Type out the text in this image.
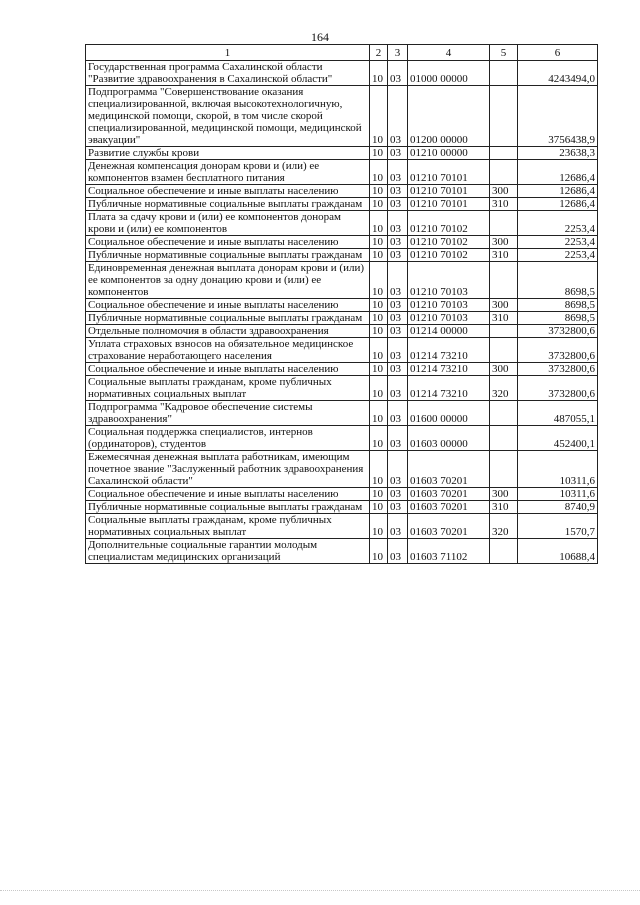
164
1	2	3	4	5	6
Государственная программа Сахалинской области "Развитие здравоохранения в Сахалинской области"	10	03	01000 00000		4243494,0
Подпрограмма "Совершенствование оказания специализированной, включая высокотехнологичную, медицинской помощи, скорой, в том числе скорой специализированной, медицинской помощи, медицинской эвакуации"	10	03	01200 00000		3756438,9
Развитие службы крови	10	03	01210 00000		23638,3
Денежная компенсация донорам крови и (или) ее компонентов взамен бесплатного питания	10	03	01210 70101		12686,4
Социальное обеспечение и иные выплаты населению	10	03	01210 70101	300	12686,4
Публичные нормативные социальные выплаты гражданам	10	03	01210 70101	310	12686,4
Плата за сдачу крови и (или) ее компонентов донорам крови и (или) ее компонентов	10	03	01210 70102		2253,4
Социальное обеспечение и иные выплаты населению	10	03	01210 70102	300	2253,4
Публичные нормативные социальные выплаты гражданам	10	03	01210 70102	310	2253,4
Единовременная денежная выплата донорам крови и (или) ее компонентов за одну донацию крови и (или) ее компонентов	10	03	01210 70103		8698,5
Социальное обеспечение и иные выплаты населению	10	03	01210 70103	300	8698,5
Публичные нормативные социальные выплаты гражданам	10	03	01210 70103	310	8698,5
Отдельные полномочия в области здравоохранения	10	03	01214 00000		3732800,6
Уплата страховых взносов на обязательное медицинское страхование неработающего населения	10	03	01214 73210		3732800,6
Социальное обеспечение и иные выплаты населению	10	03	01214 73210	300	3732800,6
Социальные выплаты гражданам, кроме публичных нормативных социальных выплат	10	03	01214 73210	320	3732800,6
Подпрограмма "Кадровое обеспечение системы здравоохранения"	10	03	01600 00000		487055,1
Социальная поддержка специалистов, интернов (ординаторов), студентов	10	03	01603 00000		452400,1
Ежемесячная денежная выплата работникам, имеющим почетное звание "Заслуженный работник здравоохранения Сахалинской области"	10	03	01603 70201		10311,6
Социальное обеспечение и иные выплаты населению	10	03	01603 70201	300	10311,6
Публичные нормативные социальные выплаты гражданам	10	03	01603 70201	310	8740,9
Социальные выплаты гражданам, кроме публичных нормативных социальных выплат	10	03	01603 70201	320	1570,7
Дополнительные социальные гарантии молодым специалистам медицинских организаций	10	03	01603 71102		10688,4
